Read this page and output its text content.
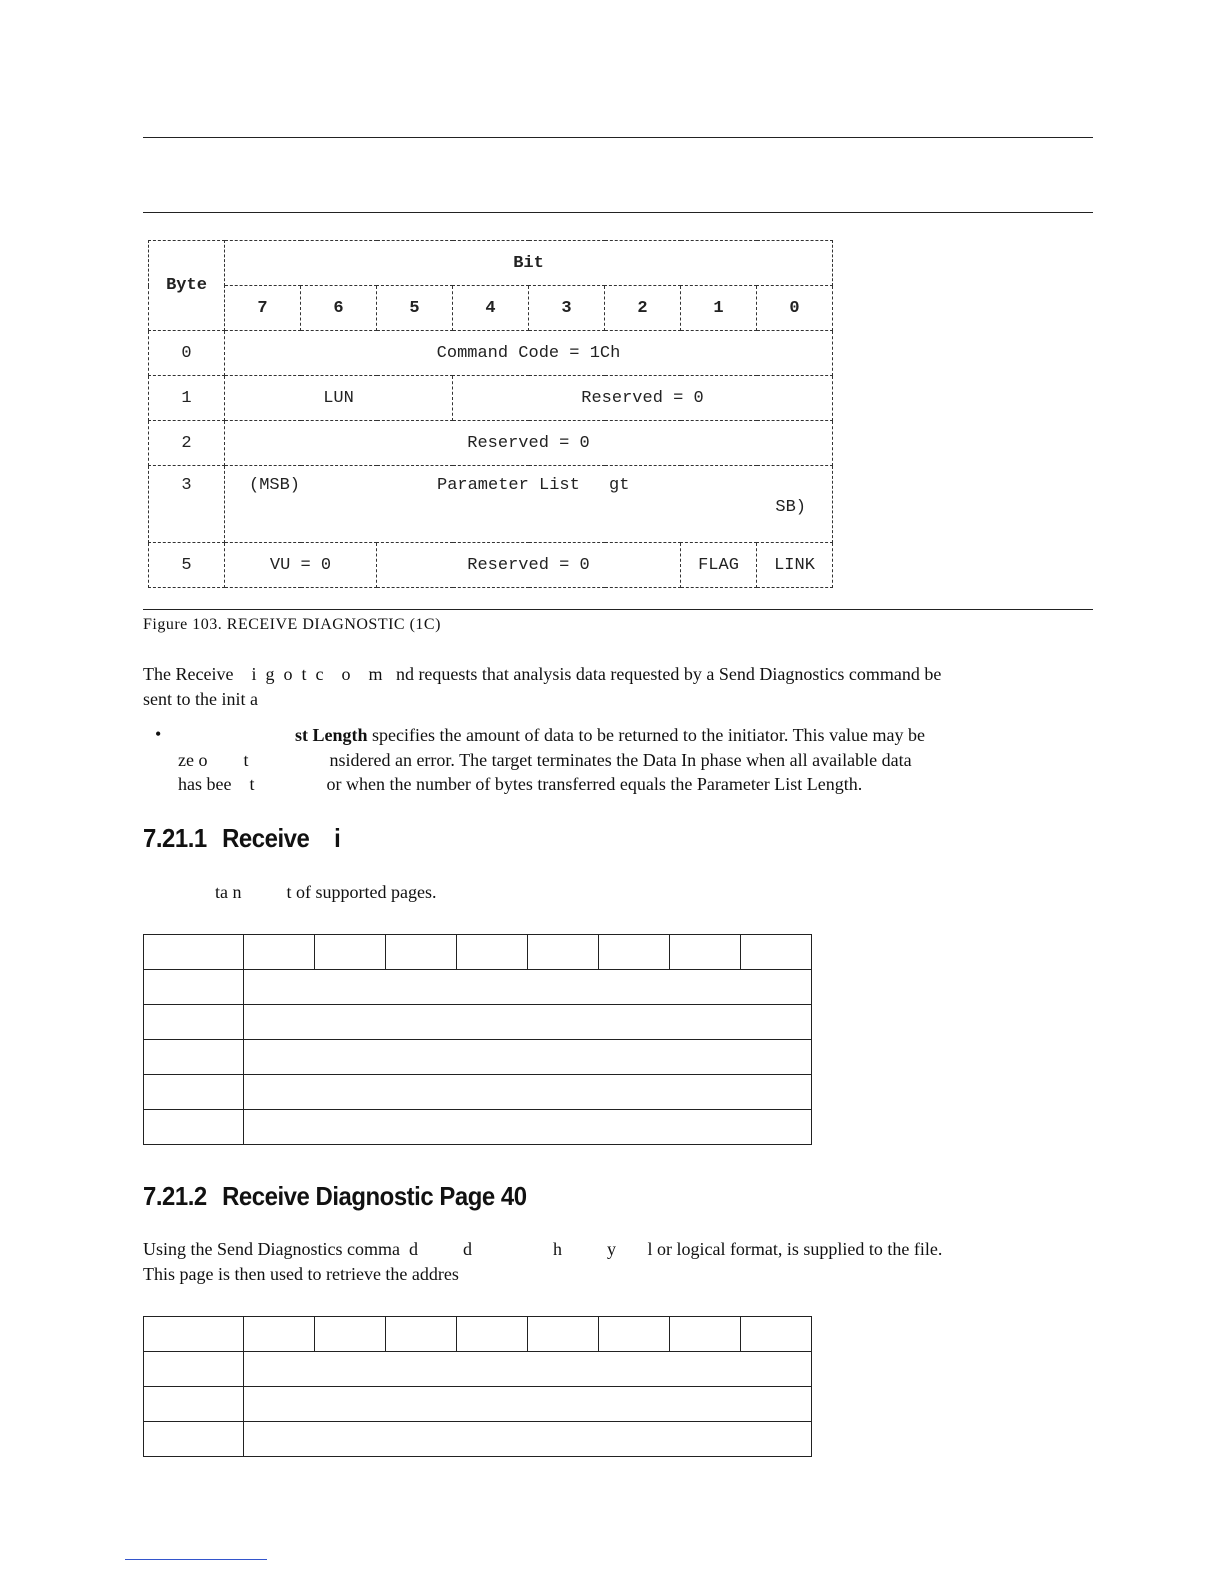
Byte	Bit							
	7	6	5	4	3	2	1	0
0	Command Code = 1Ch							
1	LUN			Reserved = 0				
2	Reserved = 0							
3	(MSB) Parameter List gt
SB)							

5	VU = 0		Reserved = 0				FLAG	LINK
Figure 103. RECEIVE DIAGNOSTIC (1C)
The Receive    i  g  o  t  c    o    m   nd requests that analysis data requested by a Send Diagnostics command be
sent to the init a
•	st Length specifies the amount of data to be returned to the initiator. This value may be
ze o        t                  nsidered an error. The target terminates the Data In phase when all available data
has bee    t                or when the number of bytes transferred equals the Parameter List Length.
7.21.1 Receive    i
ta n          t of supported pages.

7.21.2 Receive Diagnostic Page 40
Using the Send Diagnostics comma  d          d                  h          y       l or logical format, is supplied to the file.
This page is then used to retrieve the addres
